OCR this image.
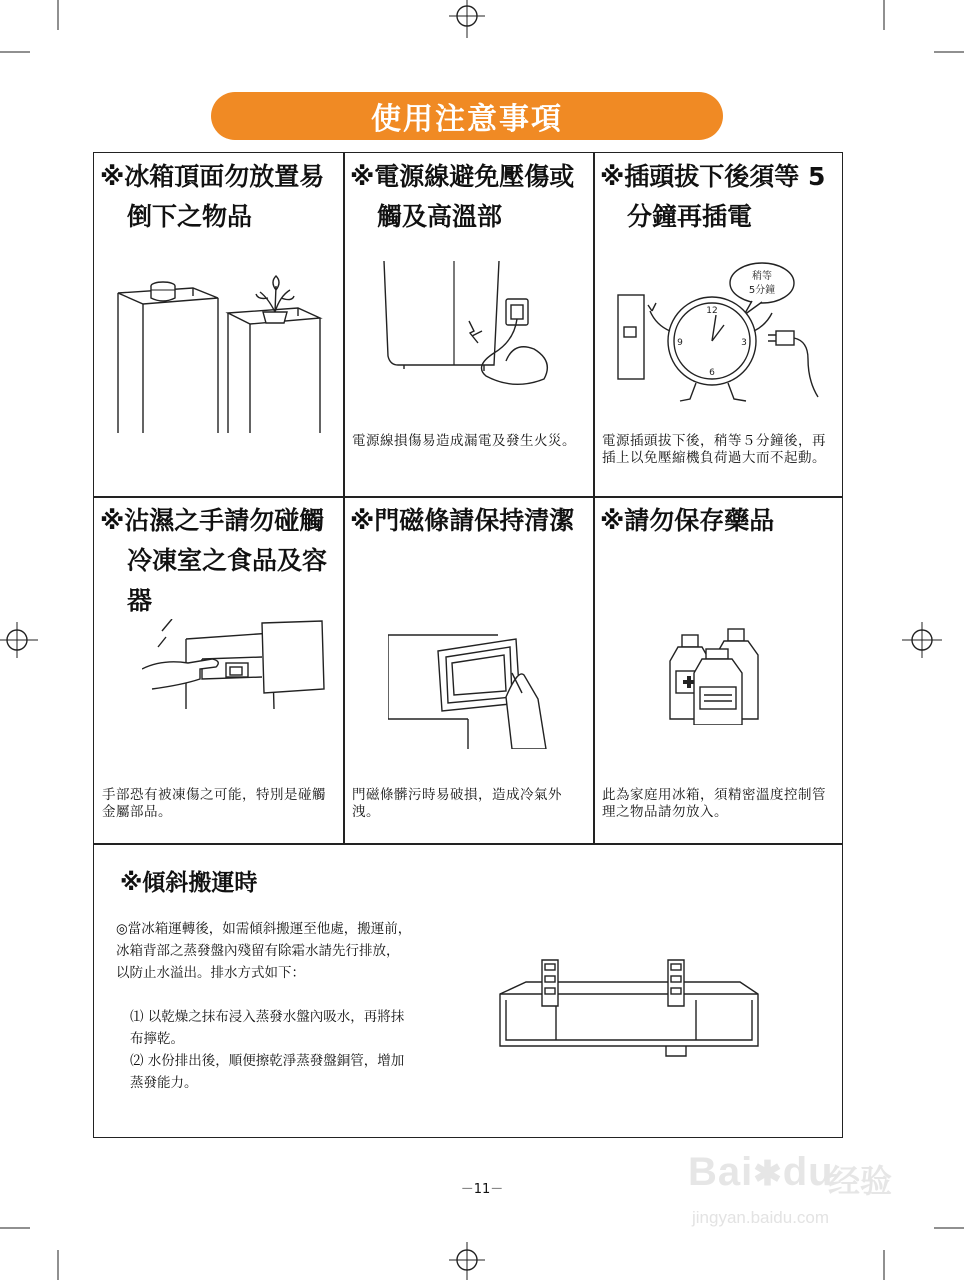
使用注意事項
※冰箱頂面勿放置易
倒下之物品
※電源線避免壓傷或
觸及高溫部
電源線損傷易造成漏電及發生火災。
※插頭拔下後須等 5
分鐘再插電
稍等
5分鐘
12
3
6
9
電源插頭拔下後，稍等５分鐘後，再插上以免壓縮機負荷過大而不起動。
※沾濕之手請勿碰觸
冷凍室之食品及容器
手部恐有被凍傷之可能，特別是碰觸金屬部品。
※門磁條請保持清潔
門磁條髒污時易破損，造成冷氣外洩。
※請勿保存藥品
此為家庭用冰箱，須精密溫度控制管理之物品請勿放入。
※傾斜搬運時
◎當冰箱運轉後，如需傾斜搬運至他處，搬運前，冰箱背部之蒸發盤內殘留有除霜水請先行排放，以防止水溢出。排水方式如下：
⑴ 以乾燥之抹布浸入蒸發水盤內吸水，再將抹布擰乾。
⑵ 水份排出後，順便擦乾淨蒸發盤銅管，增加蒸發能力。
－11－	Bai✱du
经验
jingyan.baidu.com
